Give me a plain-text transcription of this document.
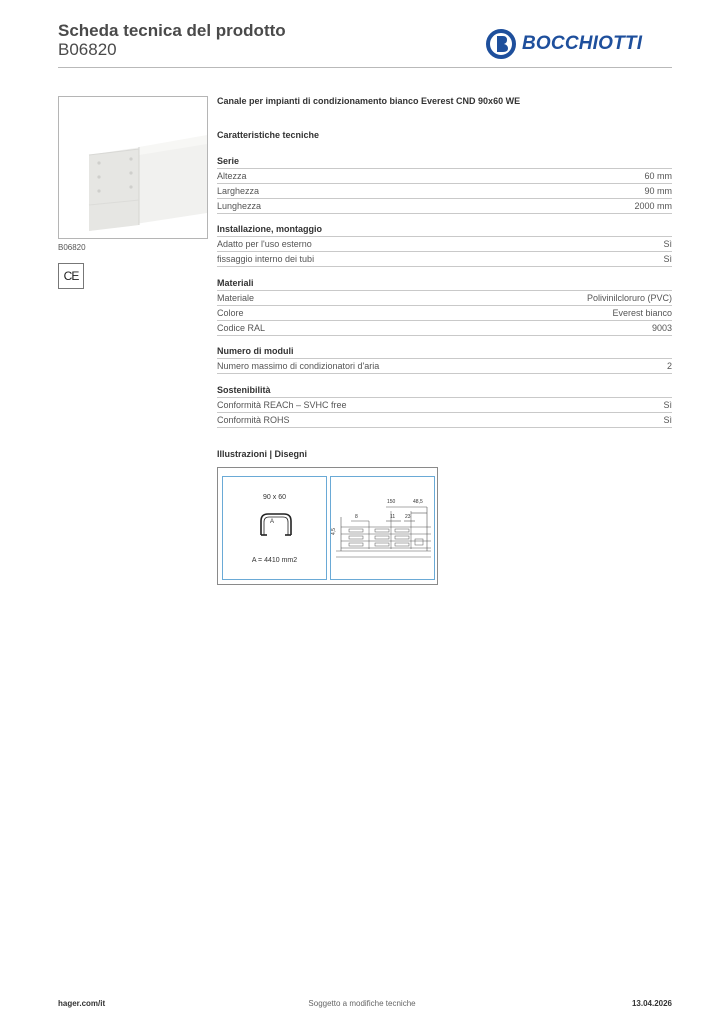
Scheda tecnica del prodotto
B06820	BOCCHIOTTI
B06820
CE
Canale per impianti di condizionamento bianco Everest CND 90x60 WE
Caratteristiche tecniche
Serie
Altezza	60 mm
Larghezza	90 mm
Lunghezza	2000 mm
Installazione, montaggio
Adatto per l'uso esterno	Sì
fissaggio interno dei tubi	Sì
Materiali
Materiale	Polivinilcloruro (PVC)
Colore	Everest bianco
Codice RAL	9003
Numero di moduli
Numero massimo di condizionatori d'aria	2
Sostenibilità
Conformità REACh – SVHC free	Sì
Conformità ROHS	Sì
Illustrazioni | Disegni
90 x 60
A
A = 4410 mm2
150	48,5
8	11 23
4,5
hager.com/it	Soggetto a modifiche tecniche	13.04.2026
